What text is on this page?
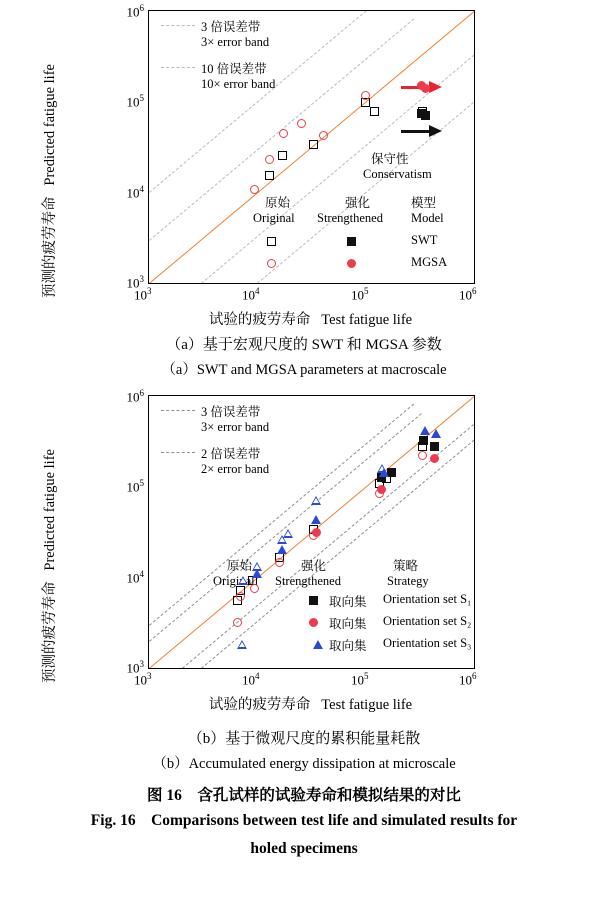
预测的疲劳寿命   Predicted fatigue life
3 倍误差带
3× error band
10 倍误差带
10× error band
保守性
Conservatism
原始
Original
强化
Strengthened
模型
Model
SWT
MGSA
$10^6$
$10^5$
$10^4$
$10^3$
$10^3$	$10^4$	$10^5$	$10^6$
试验的疲劳寿命 Test fatigue life
（a）基于宏观尺度的 SWT 和 MGSA 参数
（a）SWT and MGSA parameters at macroscale
预测的疲劳寿命   Predicted fatigue life
3 倍误差带
3× error band
2 倍误差带
2× error band
原始
Original
强化
Strengthened
策略
Strategy
取向集 Orientation set S₁
取向集 Orientation set S₂
取向集 Orientation set S₃
$10^6$
$10^5$
$10^4$
$10^3$
$10^3$	$10^4$	$10^5$	$10^6$
试验的疲劳寿命 Test fatigue life
（b）基于微观尺度的累积能量耗散
（b）Accumulated energy dissipation at microscale
图 16　含孔试样的试验寿命和模拟结果的对比
Fig. 16 Comparisons between test life and simulated results for
holed specimens
